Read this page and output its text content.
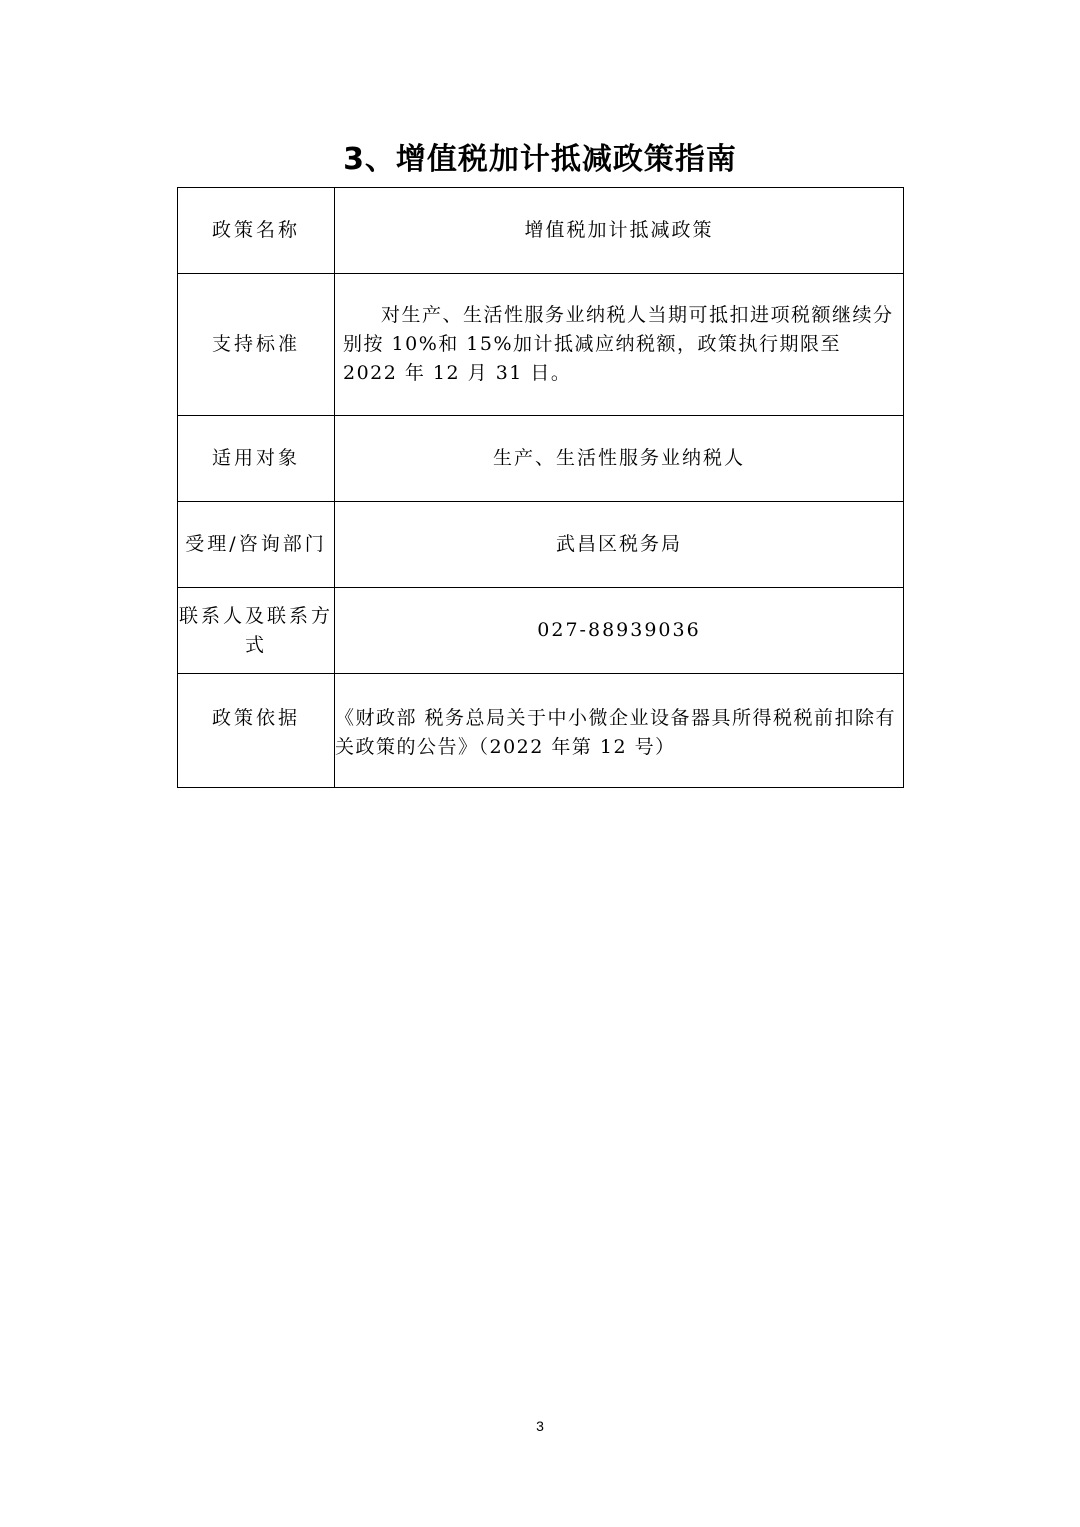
3、增值税加计抵减政策指南
政策名称	增值税加计抵减政策
支持标准	对生产、生活性服务业纳税人当期可抵扣进项税额继续分别按 10%和 15%加计抵减应纳税额，政策执行期限至 2022 年 12 月 31 日。
适用对象	生产、生活性服务业纳税人
受理/咨询部门	武昌区税务局
联系人及联系方式	027-88939036
政策依据	《财政部 税务总局关于中小微企业设备器具所得税税前扣除有关政策的公告》（2022 年第 12 号）
3
